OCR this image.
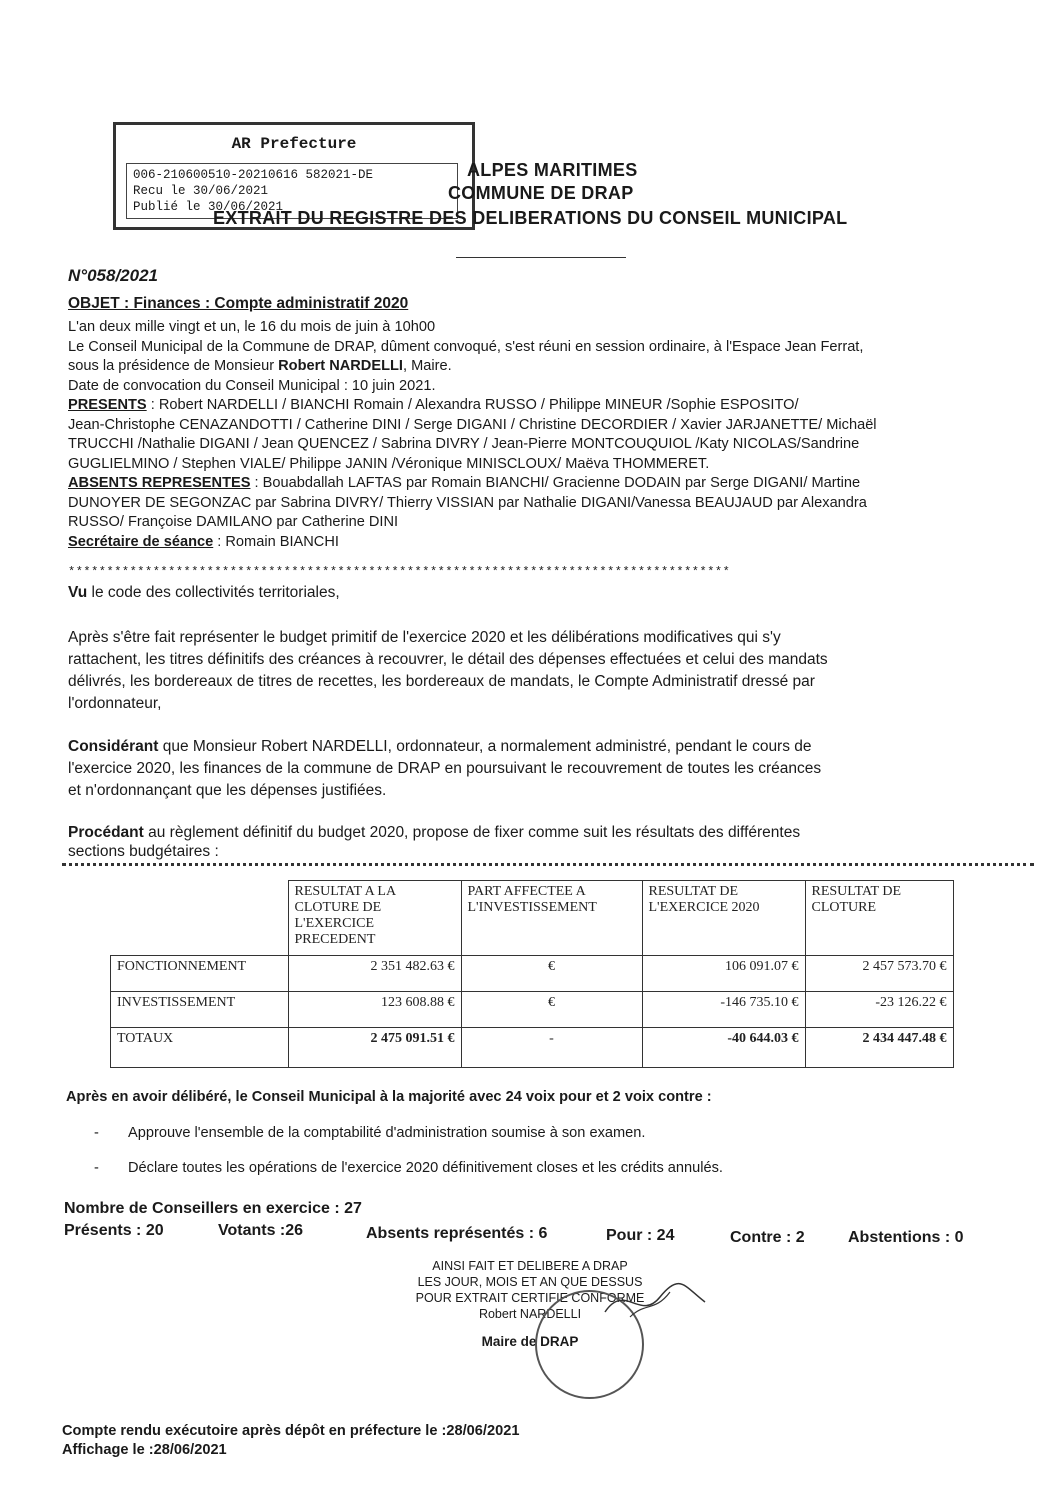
AR Prefecture
006-210600510-20210616 582021-DE
Recu le 30/06/2021
Publié le 30/06/2021
ALPES MARITIMES
COMMUNE DE DRAP
EXTRAIT DU REGISTRE DES DELIBERATIONS DU CONSEIL MUNICIPAL
N°058/2021
OBJET : Finances : Compte administratif 2020
L'an deux mille vingt et un, le 16 du mois de juin à 10h00
Le Conseil Municipal de la Commune de DRAP, dûment convoqué, s'est réuni en session ordinaire, à l'Espace Jean Ferrat,
sous la présidence de Monsieur Robert NARDELLI, Maire.
Date de convocation du Conseil Municipal : 10 juin 2021.
PRESENTS : Robert NARDELLI / BIANCHI Romain / Alexandra RUSSO / Philippe MINEUR /Sophie ESPOSITO/
Jean-Christophe CENAZANDOTTI / Catherine DINI / Serge DIGANI / Christine DECORDIER / Xavier JARJANETTE/ Michaël
TRUCCHI /Nathalie DIGANI / Jean QUENCEZ / Sabrina DIVRY / Jean-Pierre MONTCOUQUIOL /Katy NICOLAS/Sandrine
GUGLIELMINO / Stephen VIALE/ Philippe JANIN /Véronique MINISCLOUX/ Maëva THOMMERET.
ABSENTS REPRESENTES : Bouabdallah LAFTAS par Romain BIANCHI/ Gracienne DODAIN par Serge DIGANI/ Martine
DUNOYER DE SEGONZAC par Sabrina DIVRY/ Thierry VISSIAN par Nathalie DIGANI/Vanessa BEAUJAUD par Alexandra
RUSSO/ Françoise DAMILANO par Catherine DINI
Secrétaire de séance : Romain BIANCHI
**************************************************************************************
Vu le code des collectivités territoriales,
Après s'être fait représenter le budget primitif de l'exercice 2020 et les délibérations modificatives qui s'y
rattachent, les titres définitifs des créances à recouvrer, le détail des dépenses effectuées et celui des mandats
délivrés, les bordereaux de titres de recettes, les bordereaux de mandats, le Compte Administratif dressé par
l'ordonnateur,
Considérant que Monsieur Robert NARDELLI, ordonnateur, a normalement administré, pendant le cours de
l'exercice 2020, les finances de la commune de DRAP en poursuivant le recouvrement de toutes les créances
et n'ordonnançant que les dépenses justifiées.
Procédant au règlement définitif du budget 2020, propose de fixer comme suit les résultats des différentes
sections budgétaires :
	RESULTAT A LA CLOTURE DE L'EXERCICE PRECEDENT	PART AFFECTEE A L'INVESTISSEMENT	RESULTAT DE L'EXERCICE 2020	RESULTAT DE CLOTURE
FONCTIONNEMENT	2 351 482.63 €	€	106 091.07 €	2 457 573.70 €
INVESTISSEMENT	123 608.88 €	€	-146 735.10 €	-23 126.22 €
TOTAUX	2 475 091.51 €	-	-40 644.03 €	2 434 447.48 €
Après en avoir délibéré, le Conseil Municipal à la majorité avec 24 voix pour et 2 voix contre :
- Approuve l'ensemble de la comptabilité d'administration soumise à son examen.
- Déclare toutes les opérations de l'exercice 2020 définitivement closes et les crédits annulés.
Nombre de Conseillers en exercice : 27
Présents : 20	Votants :26	Absents représentés : 6	Pour : 24	Contre : 2	Abstentions : 0
AINSI FAIT ET DELIBERE A DRAP
LES JOUR, MOIS ET AN QUE DESSUS
POUR EXTRAIT CERTIFIE CONFORME
Robert NARDELLI
Maire de DRAP
Compte rendu exécutoire après dépôt en préfecture le :28/06/2021
Affichage le :28/06/2021
